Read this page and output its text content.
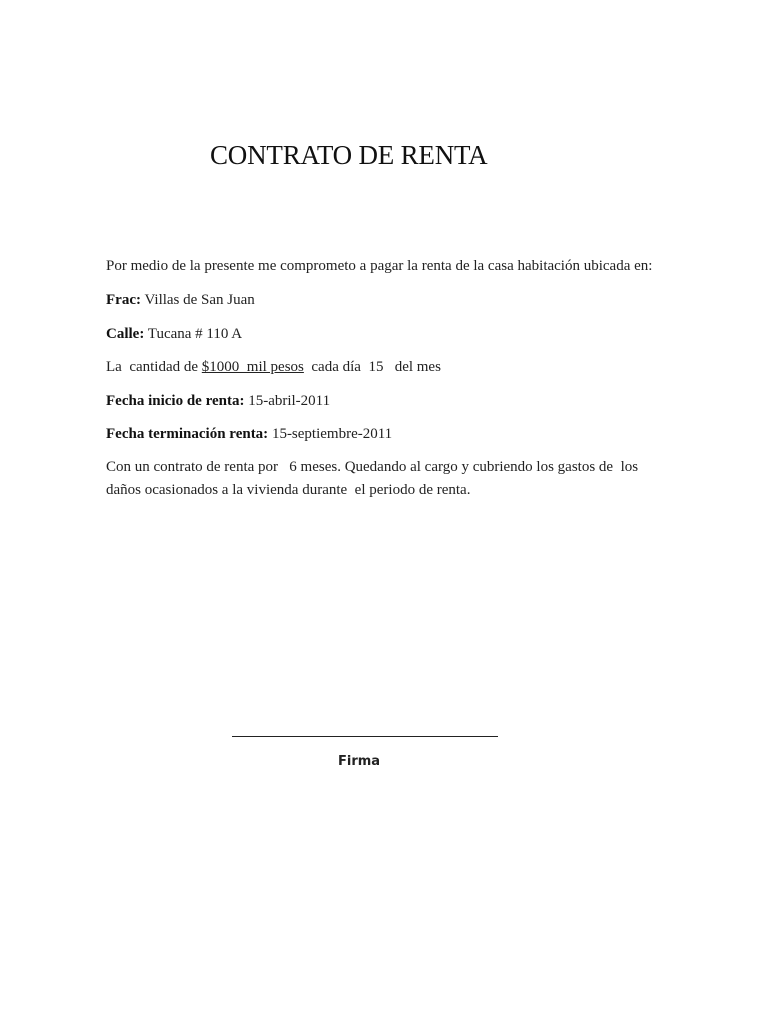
CONTRATO DE RENTA
Por medio de la presente me comprometo a pagar la renta de la casa habitación ubicada en:
Frac: Villas de San Juan
Calle: Tucana # 110 A
La  cantidad de $1000  mil pesos  cada día  15   del mes
Fecha inicio de renta: 15-abril-2011
Fecha terminación renta: 15-septiembre-2011
Con un contrato de renta por   6 meses. Quedando al cargo y cubriendo los gastos de  los daños ocasionados a la vivienda durante  el periodo de renta.
Firma
